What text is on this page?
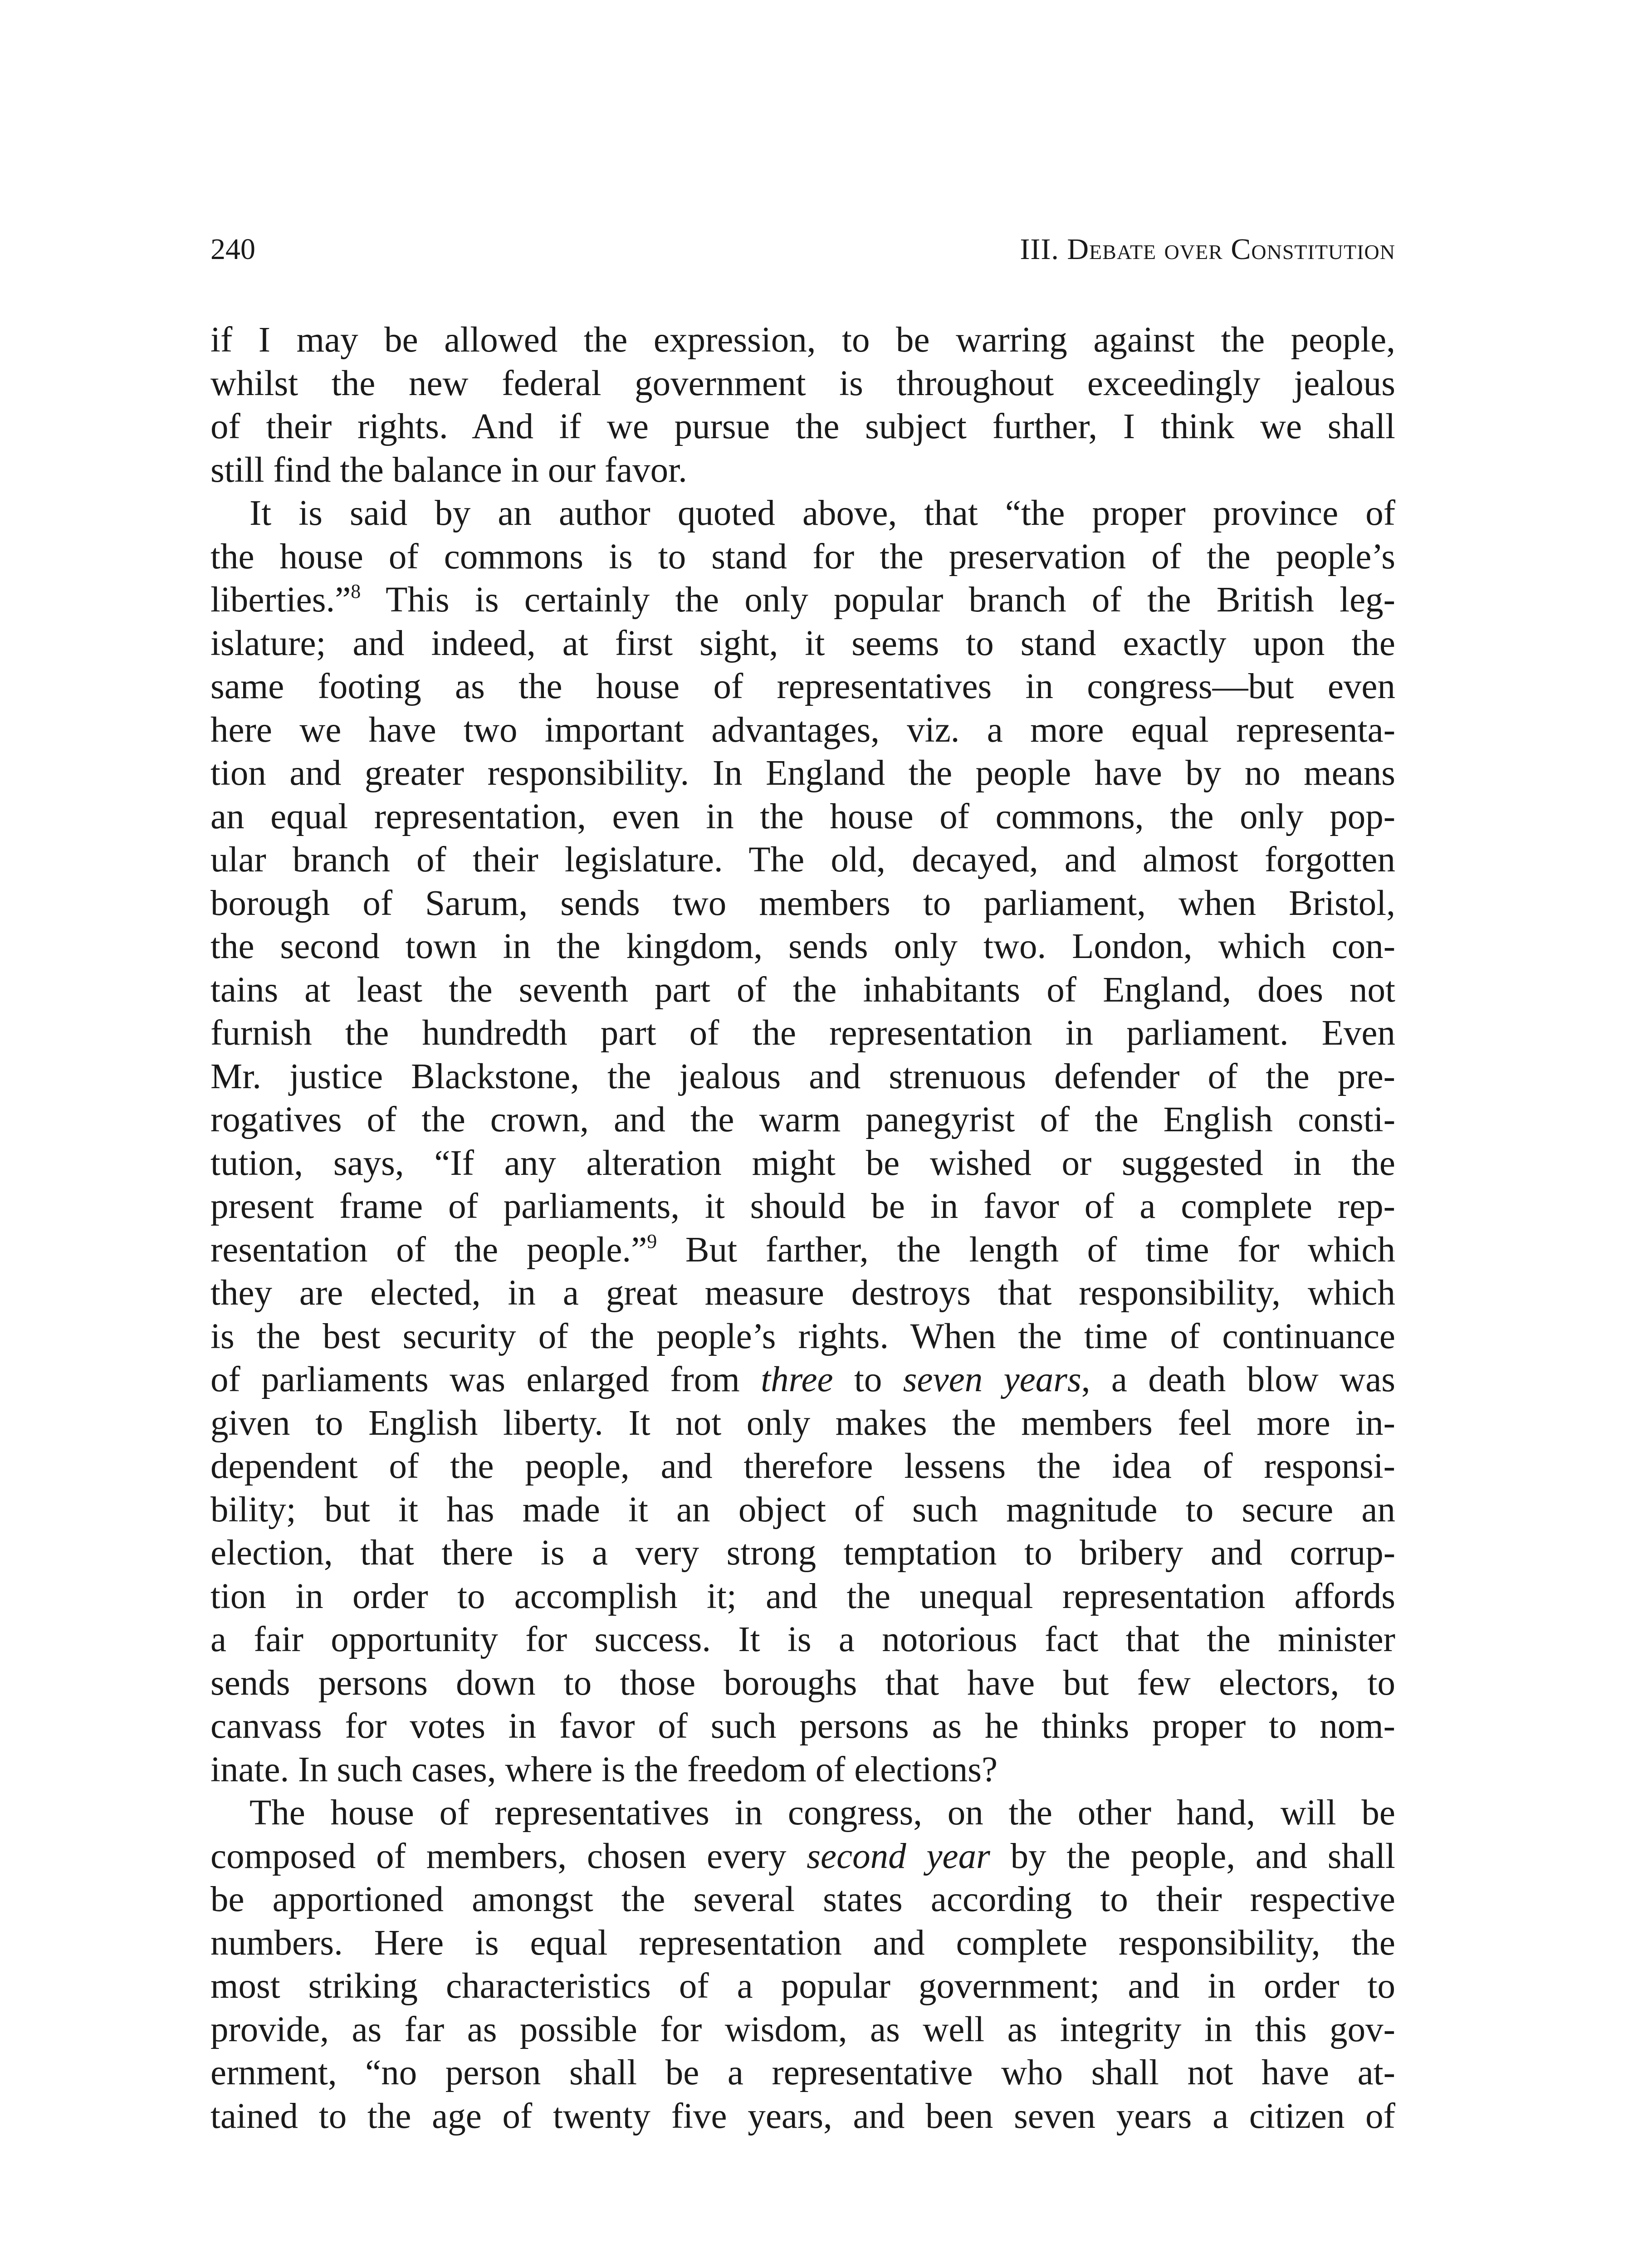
240	III. Debate over Constitution
if I may be allowed the expression, to be warring against the people,
whilst the new federal government is throughout exceedingly jealous
of their rights. And if we pursue the subject further, I think we shall
still find the balance in our favor.
It is said by an author quoted above, that “the proper province of
the house of commons is to stand for the preservation of the people’s
liberties.”$^8$ This is certainly the only popular branch of the British leg-
islature; and indeed, at first sight, it seems to stand exactly upon the
same footing as the house of representatives in congress—but even
here we have two important advantages, viz. a more equal representa-
tion and greater responsibility. In England the people have by no means
an equal representation, even in the house of commons, the only pop-
ular branch of their legislature. The old, decayed, and almost forgotten
borough of Sarum, sends two members to parliament, when Bristol,
the second town in the kingdom, sends only two. London, which con-
tains at least the seventh part of the inhabitants of England, does not
furnish the hundredth part of the representation in parliament. Even
Mr. justice Blackstone, the jealous and strenuous defender of the pre-
rogatives of the crown, and the warm panegyrist of the English consti-
tution, says, “If any alteration might be wished or suggested in the
present frame of parliaments, it should be in favor of a complete rep-
resentation of the people.”$^9$ But farther, the length of time for which
they are elected, in a great measure destroys that responsibility, which
is the best security of the people’s rights. When the time of continuance
of parliaments was enlarged from three to seven years, a death blow was
given to English liberty. It not only makes the members feel more in-
dependent of the people, and therefore lessens the idea of responsi-
bility; but it has made it an object of such magnitude to secure an
election, that there is a very strong temptation to bribery and corrup-
tion in order to accomplish it; and the unequal representation affords
a fair opportunity for success. It is a notorious fact that the minister
sends persons down to those boroughs that have but few electors, to
canvass for votes in favor of such persons as he thinks proper to nom-
inate. In such cases, where is the freedom of elections?
The house of representatives in congress, on the other hand, will be
composed of members, chosen every second year by the people, and shall
be apportioned amongst the several states according to their respective
numbers. Here is equal representation and complete responsibility, the
most striking characteristics of a popular government; and in order to
provide, as far as possible for wisdom, as well as integrity in this gov-
ernment, “no person shall be a representative who shall not have at-
tained to the age of twenty five years, and been seven years a citizen of
